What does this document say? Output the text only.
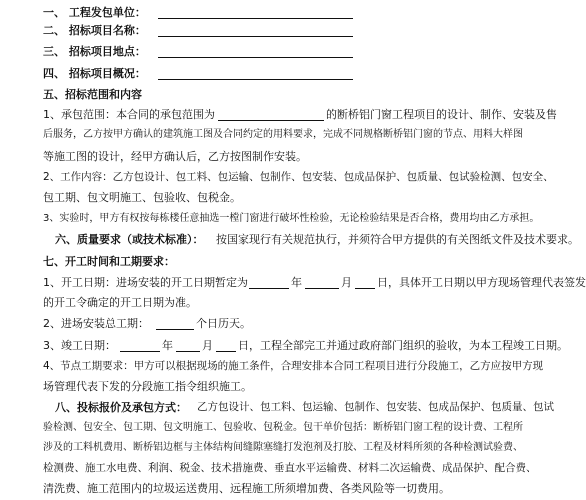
一、 工程发包单位：
二、 招标项目名称：
三、 招标项目地点：
四、 招标项目概况：
五、招标范围和内容
1、承包范围：本合同的承包范围为	的断桥铝门窗工程项目的设计、制作、安装及售
后服务，乙方按甲方确认的建筑施工图及合同约定的用料要求，完成不同规格断桥铝门窗的节点、用料大样图
等施工图的设计，经甲方确认后，乙方按图制作安装。
2、工作内容：乙方包设计、包工料、包运输、包制作、包安装、包成品保护、包质量、包试验检测、包安全、
包工期、包文明施工、包验收、包税金。
3、实验时，甲方有权按每栋楼任意抽选一樘门窗进行破坏性检验，无论检验结果是否合格，费用均由乙方承担。
六、质量要求（或技术标准）： 按国家现行有关规范执行，并须符合甲方提供的有关图纸文件及技术要求。
七、开工时间和工期要求：
1、开工日期：进场安装的开工日期暂定为	年	月 日，具体开工日期以甲方现场管理代表签发
的开工令确定的开工日期为准。
2、进场安装总工期：	个日历天。
3、竣工日期：	年	月 日，工程全部完工并通过政府部门组织的验收，为本工程竣工日期。
4、节点工期要求：甲方可以根据现场的施工条件，合理安排本合同工程项目进行分段施工，乙方应按甲方现
场管理代表下发的分段施工指令组织施工。
八、投标报价及承包方式： 乙方包设计、包工料、包运输、包制作、包安装、包成品保护、包质量、包试
验检测、包安全、包工期、包文明施工、包验收、包税金。包干单价包括：断桥铝门窗工程的设计费、工程所
涉及的工料机费用、断桥铝边框与主体结构间缝隙塞缝打发泡剂及打胶、工程及材料所须的各种检测试验费、
检测费、施工水电费、利润、税金、技术措施费、垂直水平运输费、材料二次运输费、成品保护、配合费、
清洗费、施工范围内的垃圾运送费用、远程施工所须增加费、各类风险等一切费用。
